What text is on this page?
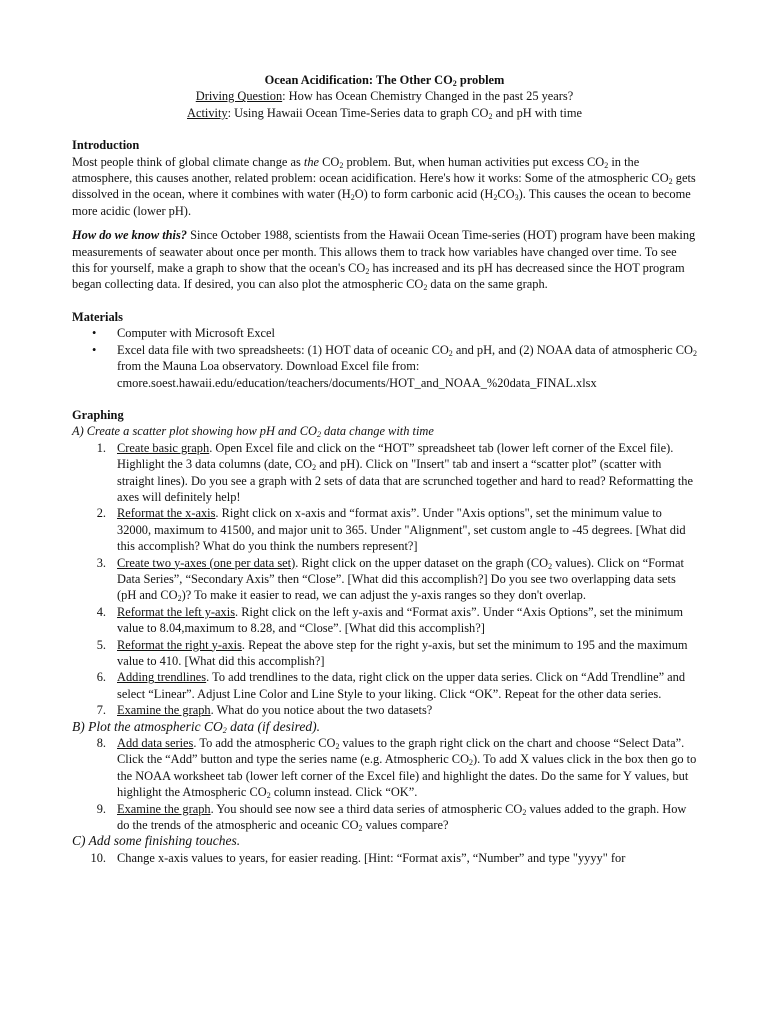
Ocean Acidification: The Other $CO_2$ problem
Driving Question: How has Ocean Chemistry Changed in the past 25 years?
Activity: Using Hawaii Ocean Time-Series data to graph $CO_2$ and pH with time

Introduction

Most people think of global climate change as the $CO_2$ problem. But, when human activities put excess $CO_2$ in the atmosphere, this causes another, related problem: ocean acidification. Here's how it works: Some of the atmospheric $CO_2$ gets dissolved in the ocean, where it combines with water $(H_2O)$ to form carbonic acid $(H_2CO_3)$. This causes the ocean to become more acidic (lower pH).

How do we know this? Since October 1988, scientists from the Hawaii Ocean Time-series (HOT) program have been making measurements of seawater about once per month. This allows them to track how variables have changed over time. To see this for yourself, make a graph to show that the ocean's $CO_2$ has increased and its pH has decreased since the HOT program began collecting data. If desired, you can also plot the atmospheric $CO_2$ data on the same graph.

Materials

• Computer with Microsoft Excel
• Excel data file with two spreadsheets: (1) HOT data of oceanic $CO_2$ and pH, and (2) NOAA data of atmospheric $CO_2$ from the Mauna Loa observatory. Download Excel file from:
cmore.soest.hawaii.edu/education/teachers/documents/HOT_and_NOAA_%20data_FINAL.xlsx

Graphing

A) Create a scatter plot showing how pH and $CO_2$ data change with time

1. Create basic graph. Open Excel file and click on the “HOT” spreadsheet tab (lower left corner of the Excel file). Highlight the 3 data columns (date, $CO_2$ and pH). Click on "Insert" tab and insert a “scatter plot” (scatter with straight lines). Do you see a graph with 2 sets of data that are scrunched together and hard to read? Reformatting the axes will definitely help!
2. Reformat the x-axis. Right click on x-axis and “format axis”. Under "Axis options", set the minimum value to 32000, maximum to 41500, and major unit to 365. Under "Alignment", set custom angle to -45 degrees. [What did this accomplish? What do you think the numbers represent?]
3. Create two y-axes (one per data set). Right click on the upper dataset on the graph ($CO_2$ values). Click on “Format Data Series”, “Secondary Axis” then “Close”. [What did this accomplish?] Do you see two overlapping data sets (pH and $CO_2$)? To make it easier to read, we can adjust the y-axis ranges so they don't overlap.
4. Reformat the left y-axis. Right click on the left y-axis and “Format axis”. Under “Axis Options”, set the minimum value to 8.04,maximum to 8.28, and “Close”. [What did this accomplish?]
5. Reformat the right y-axis. Repeat the above step for the right y-axis, but set the minimum to 195 and the maximum value to 410. [What did this accomplish?]
6. Adding trendlines. To add trendlines to the data, right click on the upper data series. Click on “Add Trendline” and select “Linear”. Adjust Line Color and Line Style to your liking. Click “OK”. Repeat for the other data series.
7. Examine the graph. What do you notice about the two datasets?

B) Plot the atmospheric $CO_2$ data (if desired).

8. Add data series. To add the atmospheric $CO_2$ values to the graph right click on the chart and choose “Select Data”. Click the “Add” button and type the series name (e.g. Atmospheric $CO_2$). To add X values click in the box then go to the NOAA worksheet tab (lower left corner of the Excel file) and highlight the dates. Do the same for Y values, but highlight the Atmospheric $CO_2$ column instead. Click “OK”.
9. Examine the graph. You should see now see a third data series of atmospheric $CO_2$ values added to the graph. How do the trends of the atmospheric and oceanic $CO_2$ values compare?

C) Add some finishing touches.

10. Change x-axis values to years, for easier reading. [Hint: “Format axis”, “Number” and type "yyyy" for
